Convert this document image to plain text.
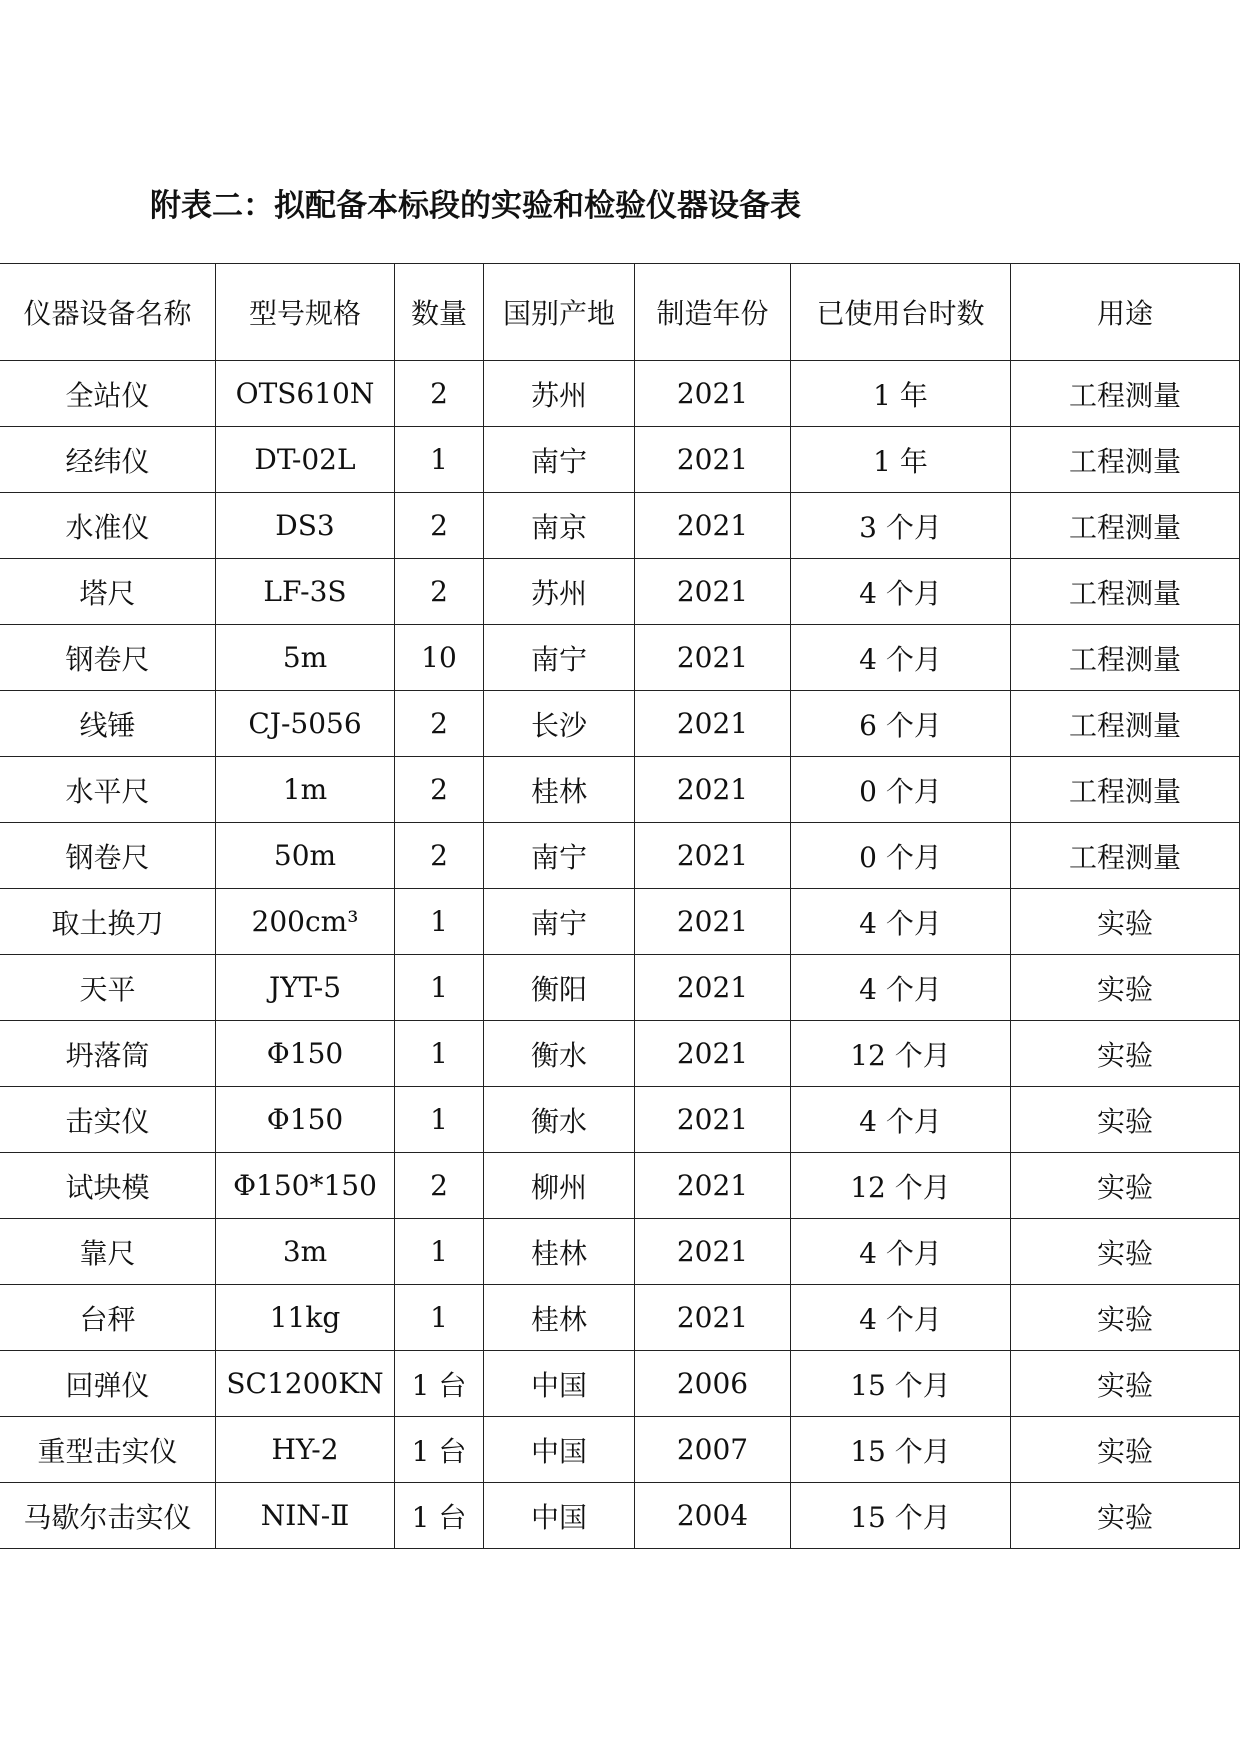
附表二：拟配备本标段的实验和检验仪器设备表
仪器设备名称	型号规格	数量	国别产地	制造年份	已使用台时数	用途
全站仪	OTS610N	2	苏州	2021	1 年	工程测量
经纬仪	DT-02L	1	南宁	2021	1 年	工程测量
水准仪	DS3	2	南京	2021	3 个月	工程测量
塔尺	LF-3S	2	苏州	2021	4 个月	工程测量
钢卷尺	5m	10	南宁	2021	4 个月	工程测量
线锤	CJ-5056	2	长沙	2021	6 个月	工程测量
水平尺	1m	2	桂林	2021	0 个月	工程测量
钢卷尺	50m	2	南宁	2021	0 个月	工程测量
取土换刀	200cm³	1	南宁	2021	4 个月	实验
天平	JYT-5	1	衡阳	2021	4 个月	实验
坍落筒	Φ150	1	衡水	2021	12 个月	实验
击实仪	Φ150	1	衡水	2021	4 个月	实验
试块模	Φ150*150	2	柳州	2021	12 个月	实验
靠尺	3m	1	桂林	2021	4 个月	实验
台秤	11kg	1	桂林	2021	4 个月	实验
回弹仪	SC1200KN	1 台	中国	2006	15 个月	实验
重型击实仪	HY-2	1 台	中国	2007	15 个月	实验
马歇尔击实仪	NIN-Ⅱ	1 台	中国	2004	15 个月	实验
